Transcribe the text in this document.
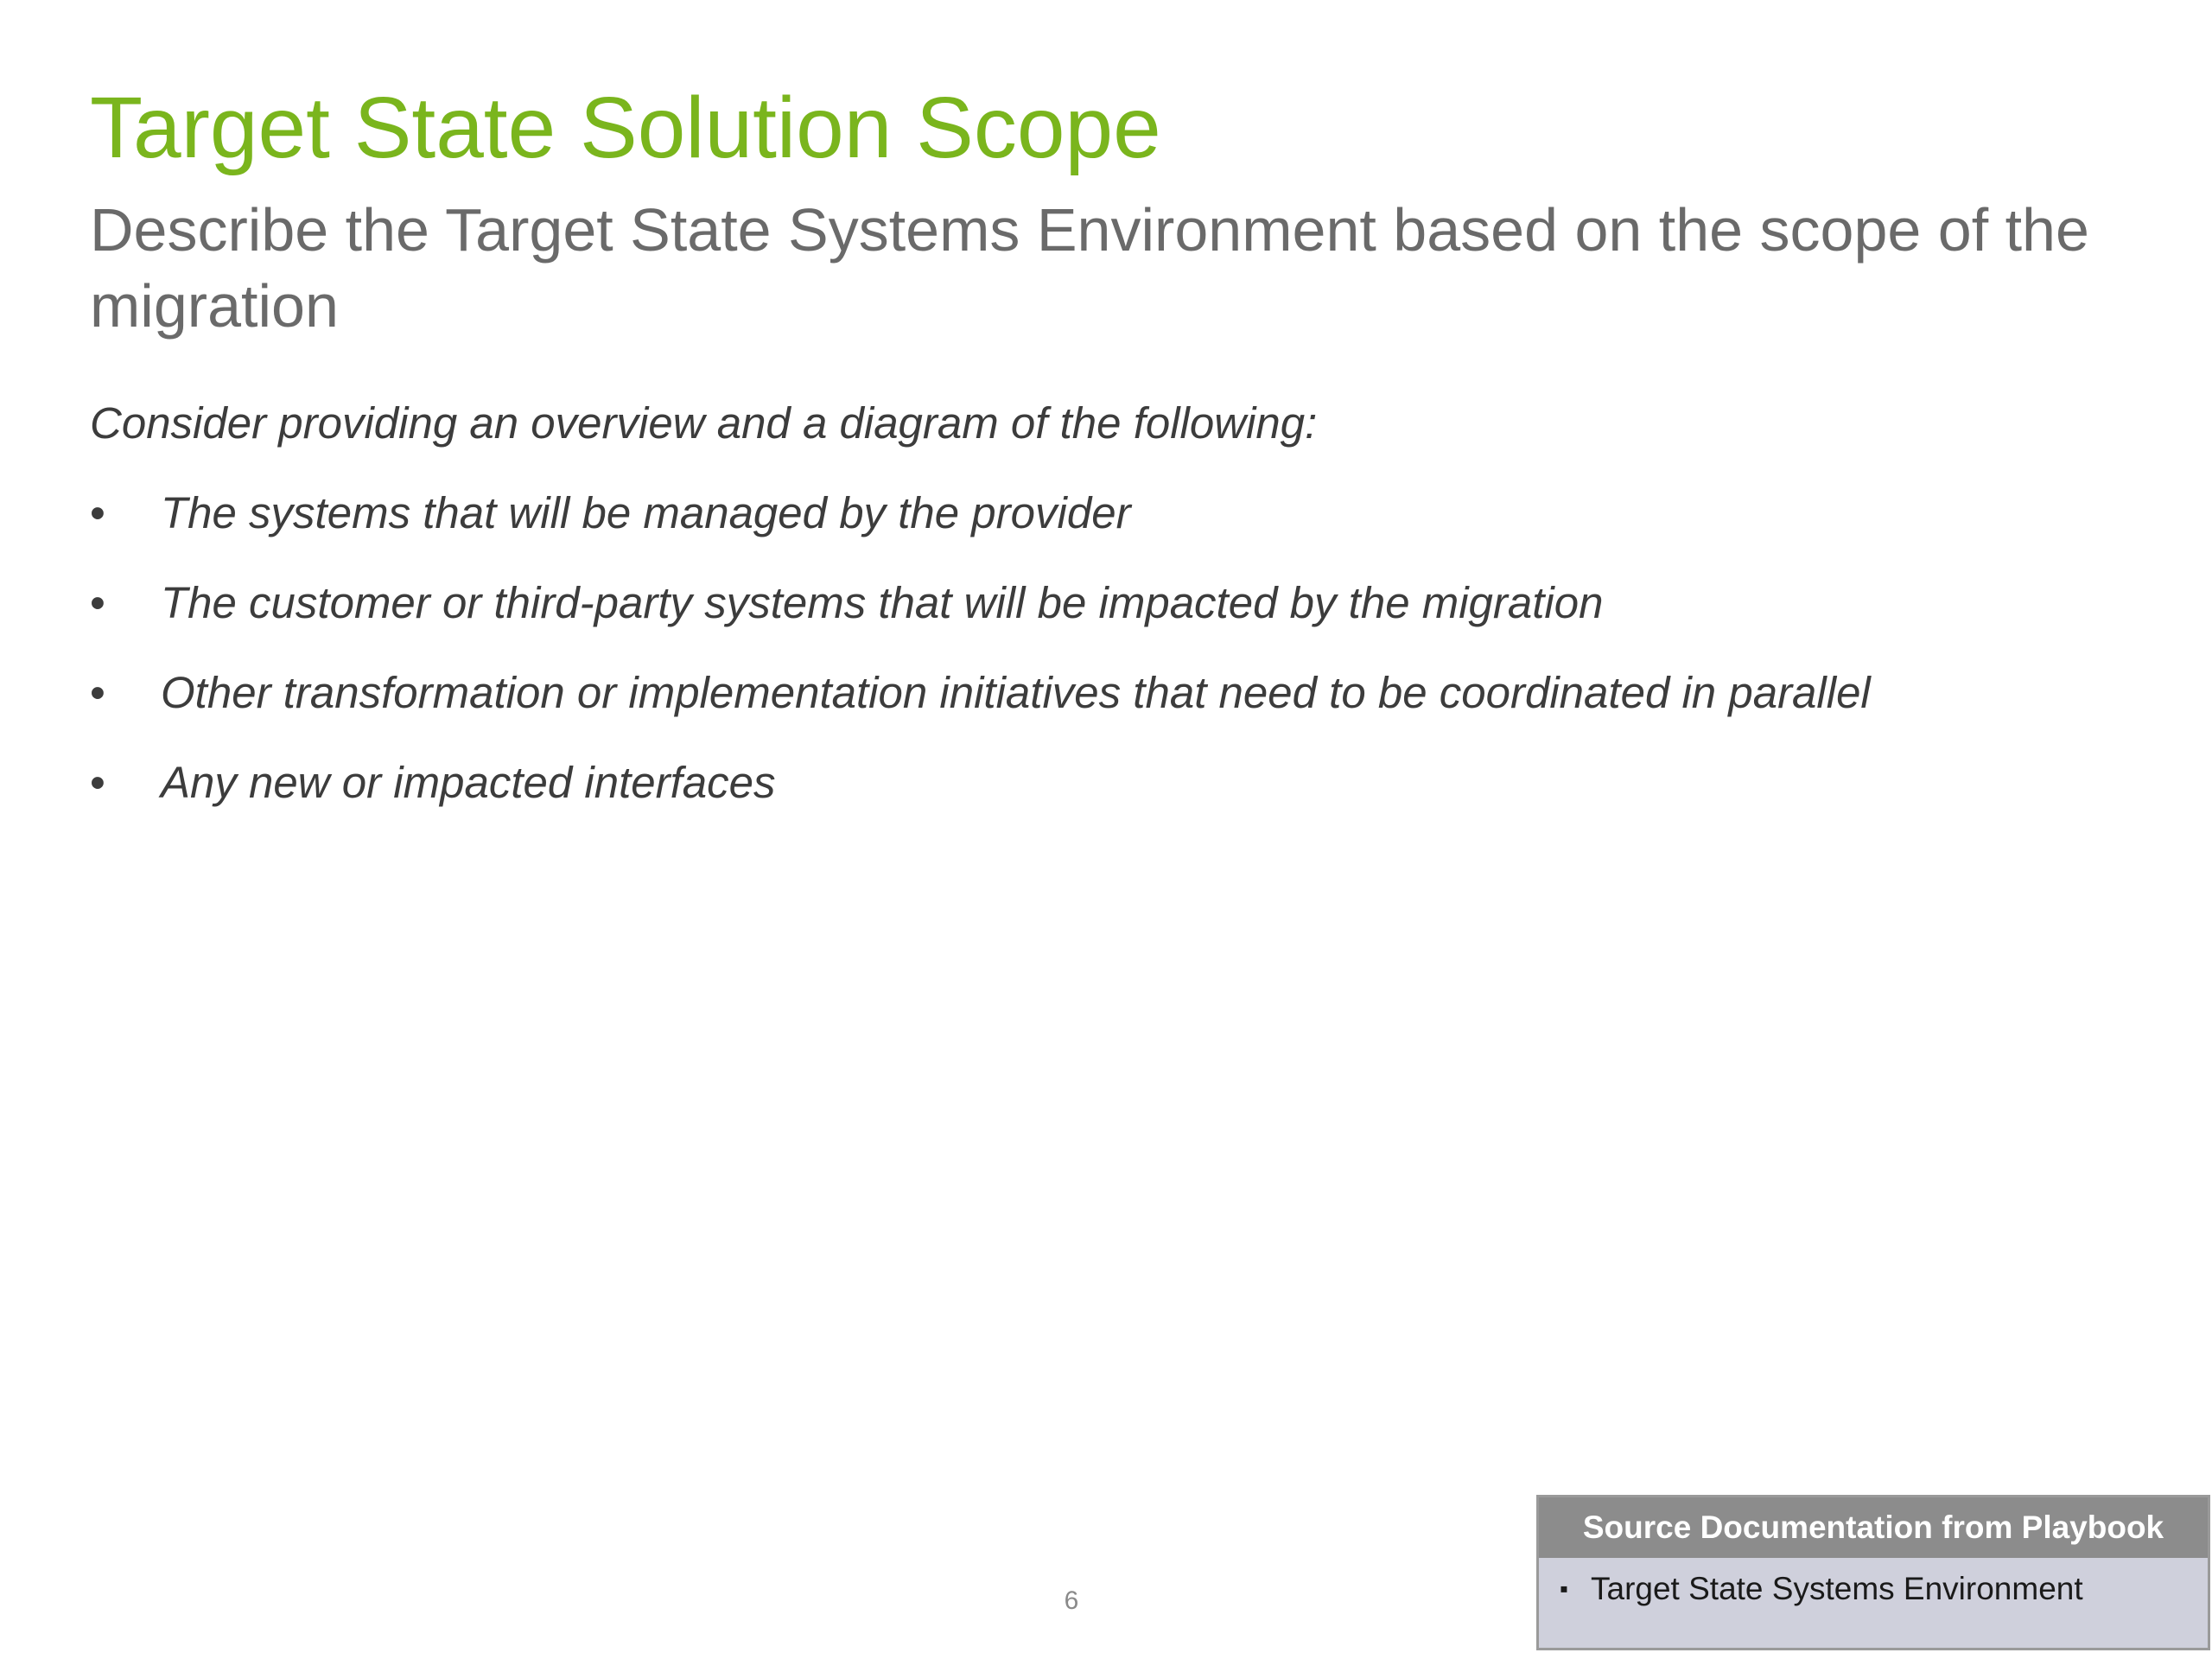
Target State Solution Scope
Describe the Target State Systems Environment based on the scope of the migration
Consider providing an overview and a diagram of the following:
• The systems that will be managed by the provider
• The customer or third-party systems that will be impacted by the migration
• Other transformation or implementation initiatives that need to be coordinated in parallel
• Any new or impacted interfaces
6
Source Documentation from Playbook
▪ Target State Systems Environment
